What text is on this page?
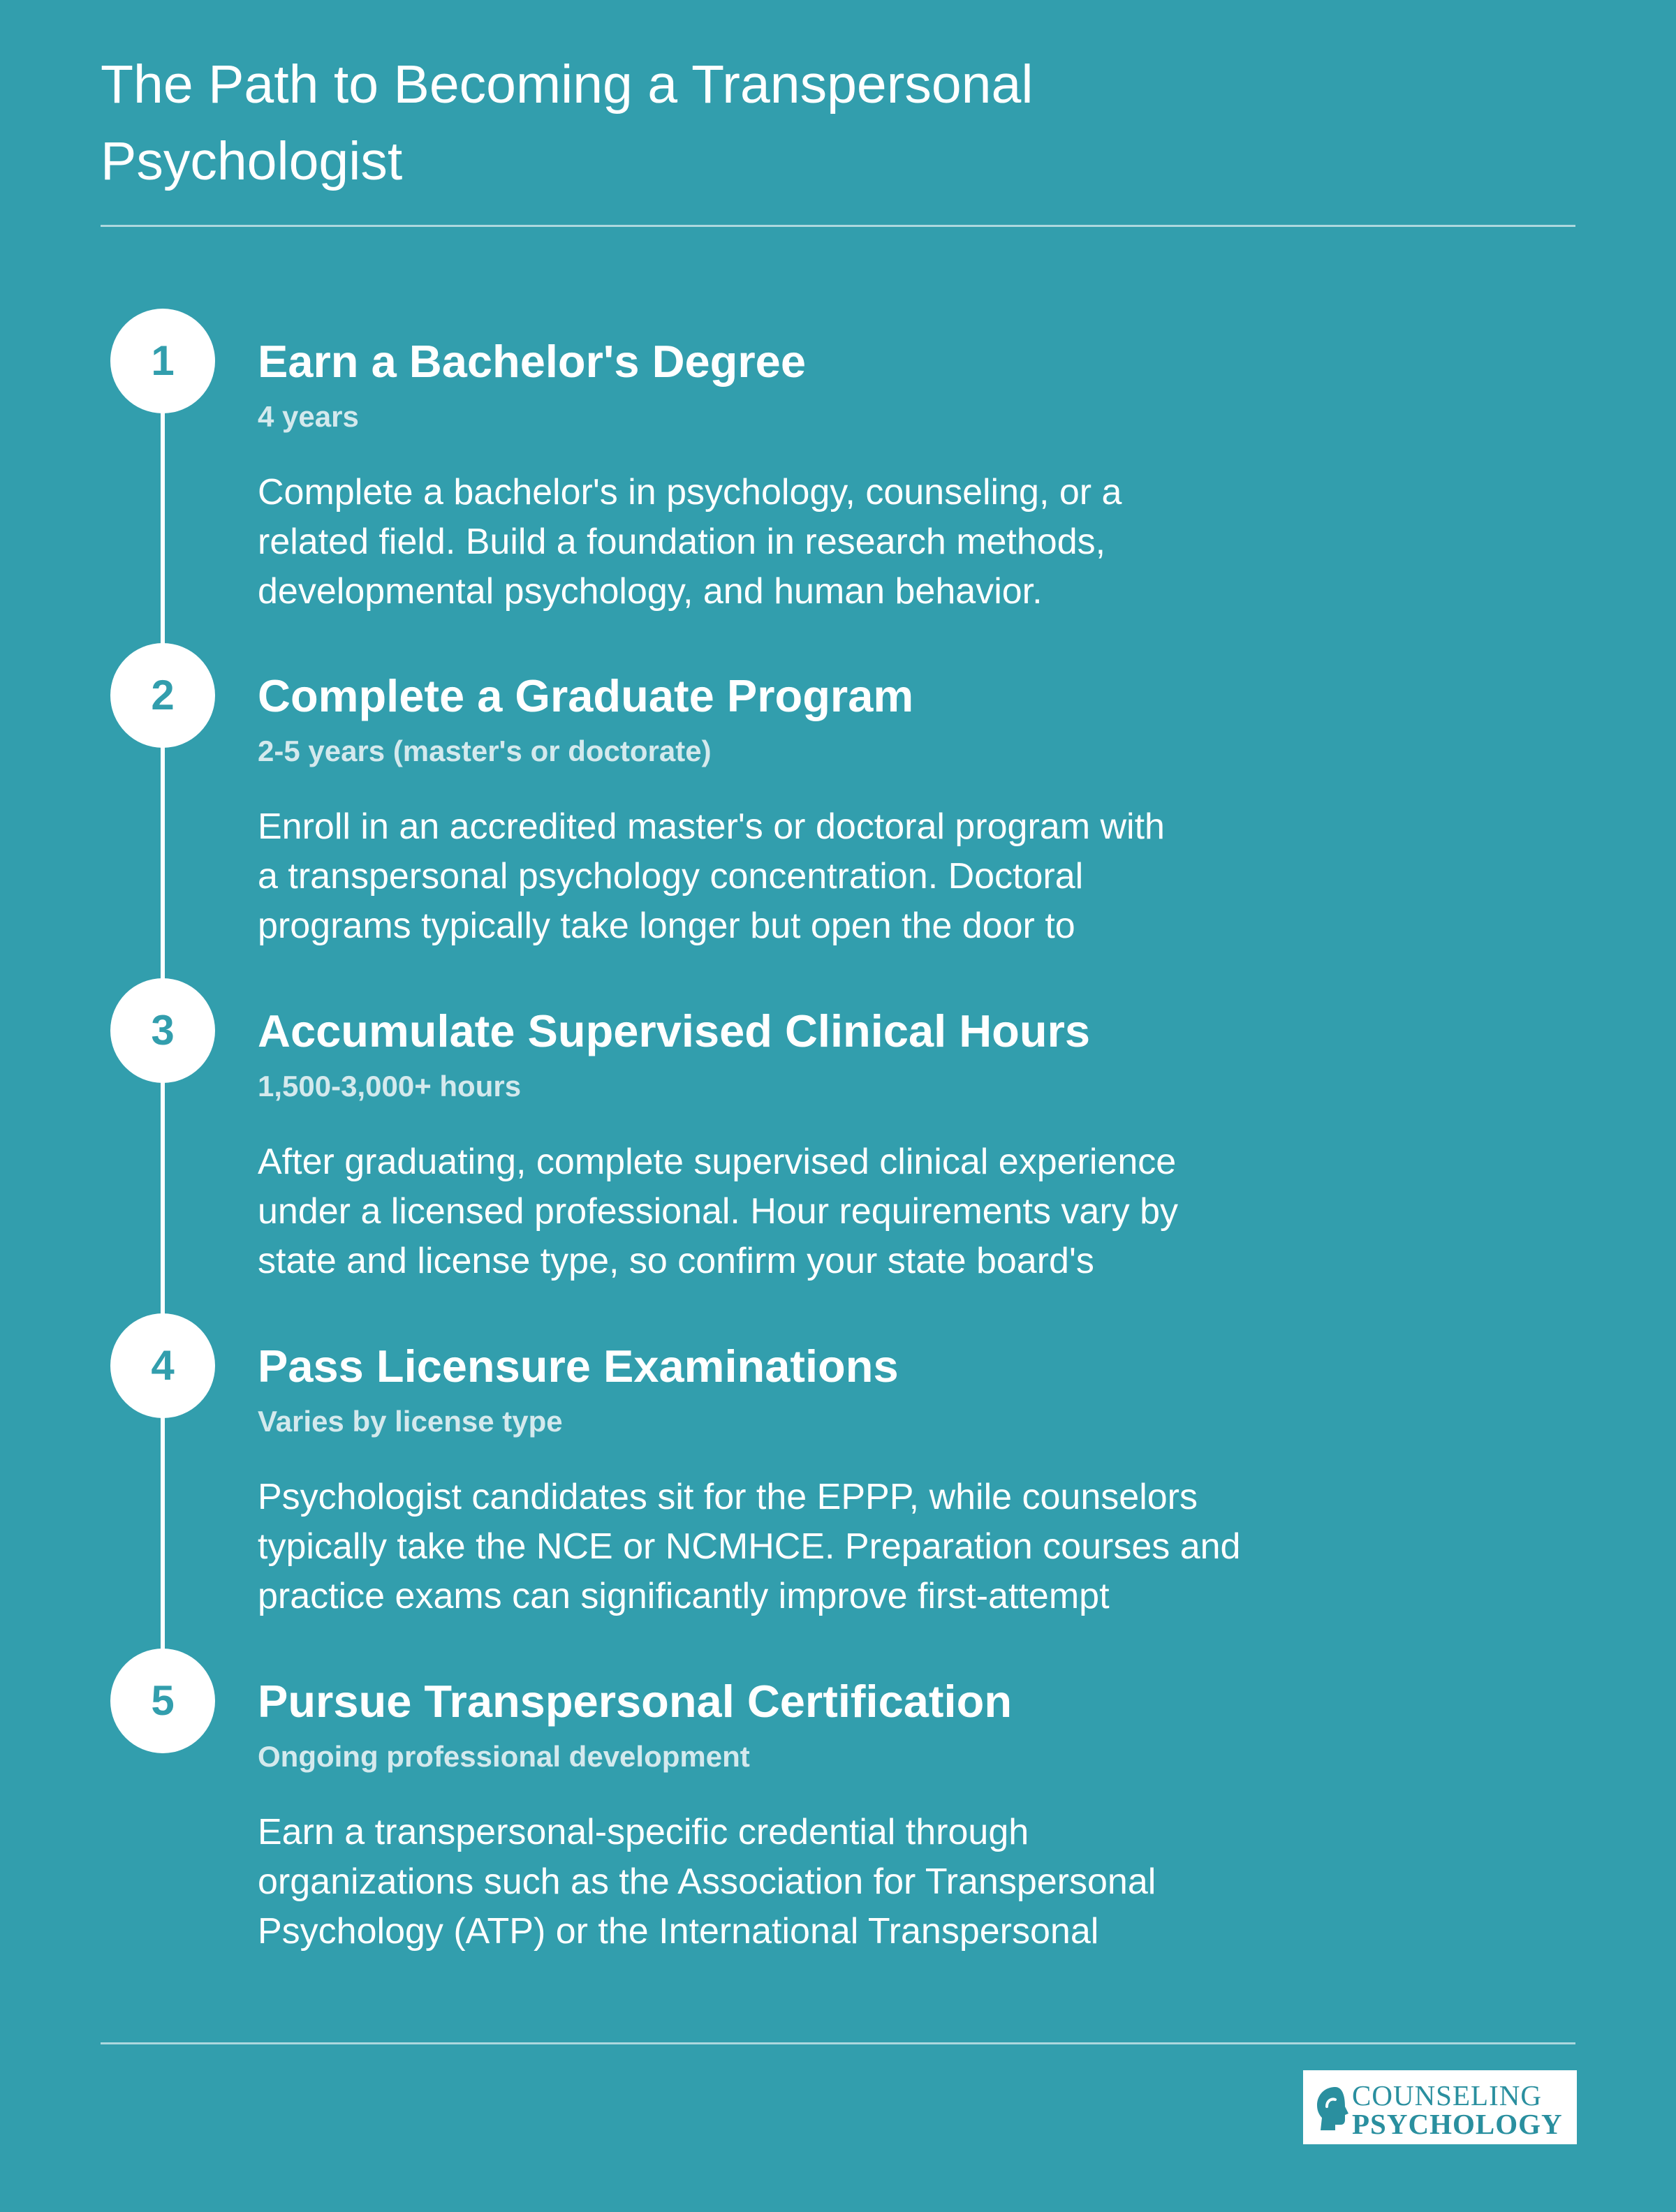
The Path to Becoming a Transpersonal
Psychologist
1	Earn a Bachelor's Degree
4 years

Complete a bachelor's in psychology, counseling, or a
related field. Build a foundation in research methods,
developmental psychology, and human behavior.

2	Complete a Graduate Program
2-5 years (master's or doctorate)

Enroll in an accredited master's or doctoral program with
a transpersonal psychology concentration. Doctoral
programs typically take longer but open the door to

3	Accumulate Supervised Clinical Hours
1,500-3,000+ hours

After graduating, complete supervised clinical experience
under a licensed professional. Hour requirements vary by
state and license type, so confirm your state board's

4	Pass Licensure Examinations
Varies by license type

Psychologist candidates sit for the EPPP, while counselors
typically take the NCE or NCMHCE. Preparation courses and
practice exams can significantly improve first-attempt

5	Pursue Transpersonal Certification
Ongoing professional development

Earn a transpersonal-specific credential through
organizations such as the Association for Transpersonal
Psychology (ATP) or the International Transpersonal

COUNSELING
PSYCHOLOGY
